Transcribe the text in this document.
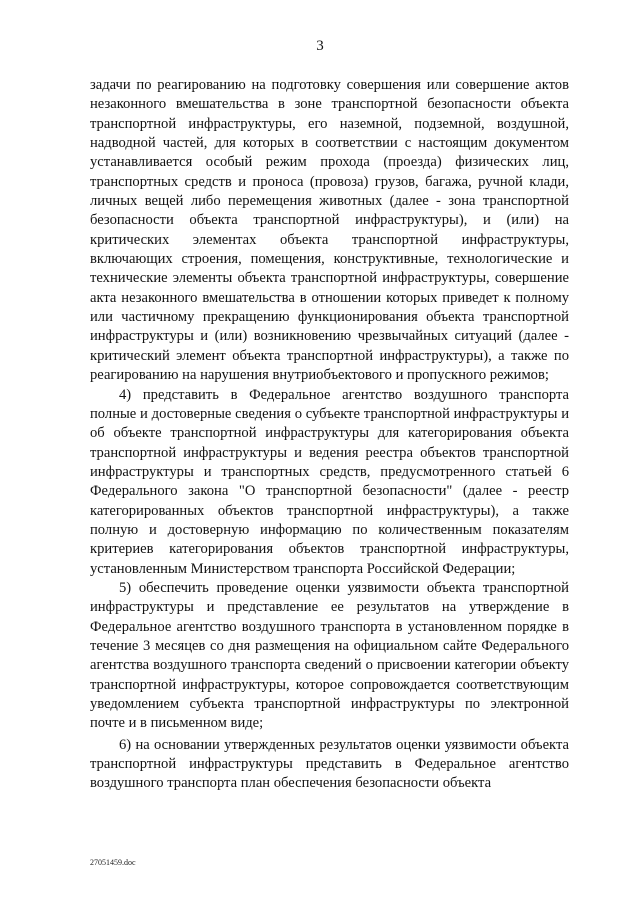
3

задачи по реагированию на подготовку совершения или совершение актов незаконного вмешательства в зоне транспортной безопасности объекта транспортной инфраструктуры, его наземной, подземной, воздушной, надводной частей, для которых в соответствии с настоящим документом устанавливается особый режим прохода (проезда) физических лиц, транспортных средств и проноса (провоза) грузов, багажа, ручной клади, личных вещей либо перемещения животных (далее - зона транспортной безопасности объекта транспортной инфраструктуры), и (или) на критических элементах объекта транспортной инфраструктуры, включающих строения, помещения, конструктивные, технологические и технические элементы объекта транспортной инфраструктуры, совершение акта незаконного вмешательства в отношении которых приведет к полному или частичному прекращению функционирования объекта транспортной инфраструктуры и (или) возникновению чрезвычайных ситуаций (далее - критический элемент объекта транспортной инфраструктуры), а также по реагированию на нарушения внутриобъектового и пропускного режимов;

4) представить в Федеральное агентство воздушного транспорта полные и достоверные сведения о субъекте транспортной инфраструктуры и об объекте транспортной инфраструктуры для категорирования объекта транспортной инфраструктуры и ведения реестра объектов транспортной инфраструктуры и транспортных средств, предусмотренного статьей 6 Федерального закона "О транспортной безопасности" (далее - реестр категорированных объектов транспортной инфраструктуры), а также полную и достоверную информацию по количественным показателям критериев категорирования объектов транспортной инфраструктуры, установленным Министерством транспорта Российской Федерации;

5) обеспечить проведение оценки уязвимости объекта транспортной инфраструктуры и представление ее результатов на утверждение в Федеральное агентство воздушного транспорта в установленном порядке в течение 3 месяцев со дня размещения на официальном сайте Федерального агентства воздушного транспорта сведений о присвоении категории объекту транспортной инфраструктуры, которое сопровождается соответствующим уведомлением субъекта транспортной инфраструктуры по электронной почте и в письменном виде;

6) на основании утвержденных результатов оценки уязвимости объекта транспортной инфраструктуры представить в Федеральное агентство воздушного транспорта план обеспечения безопасности объекта

27051459.doc
